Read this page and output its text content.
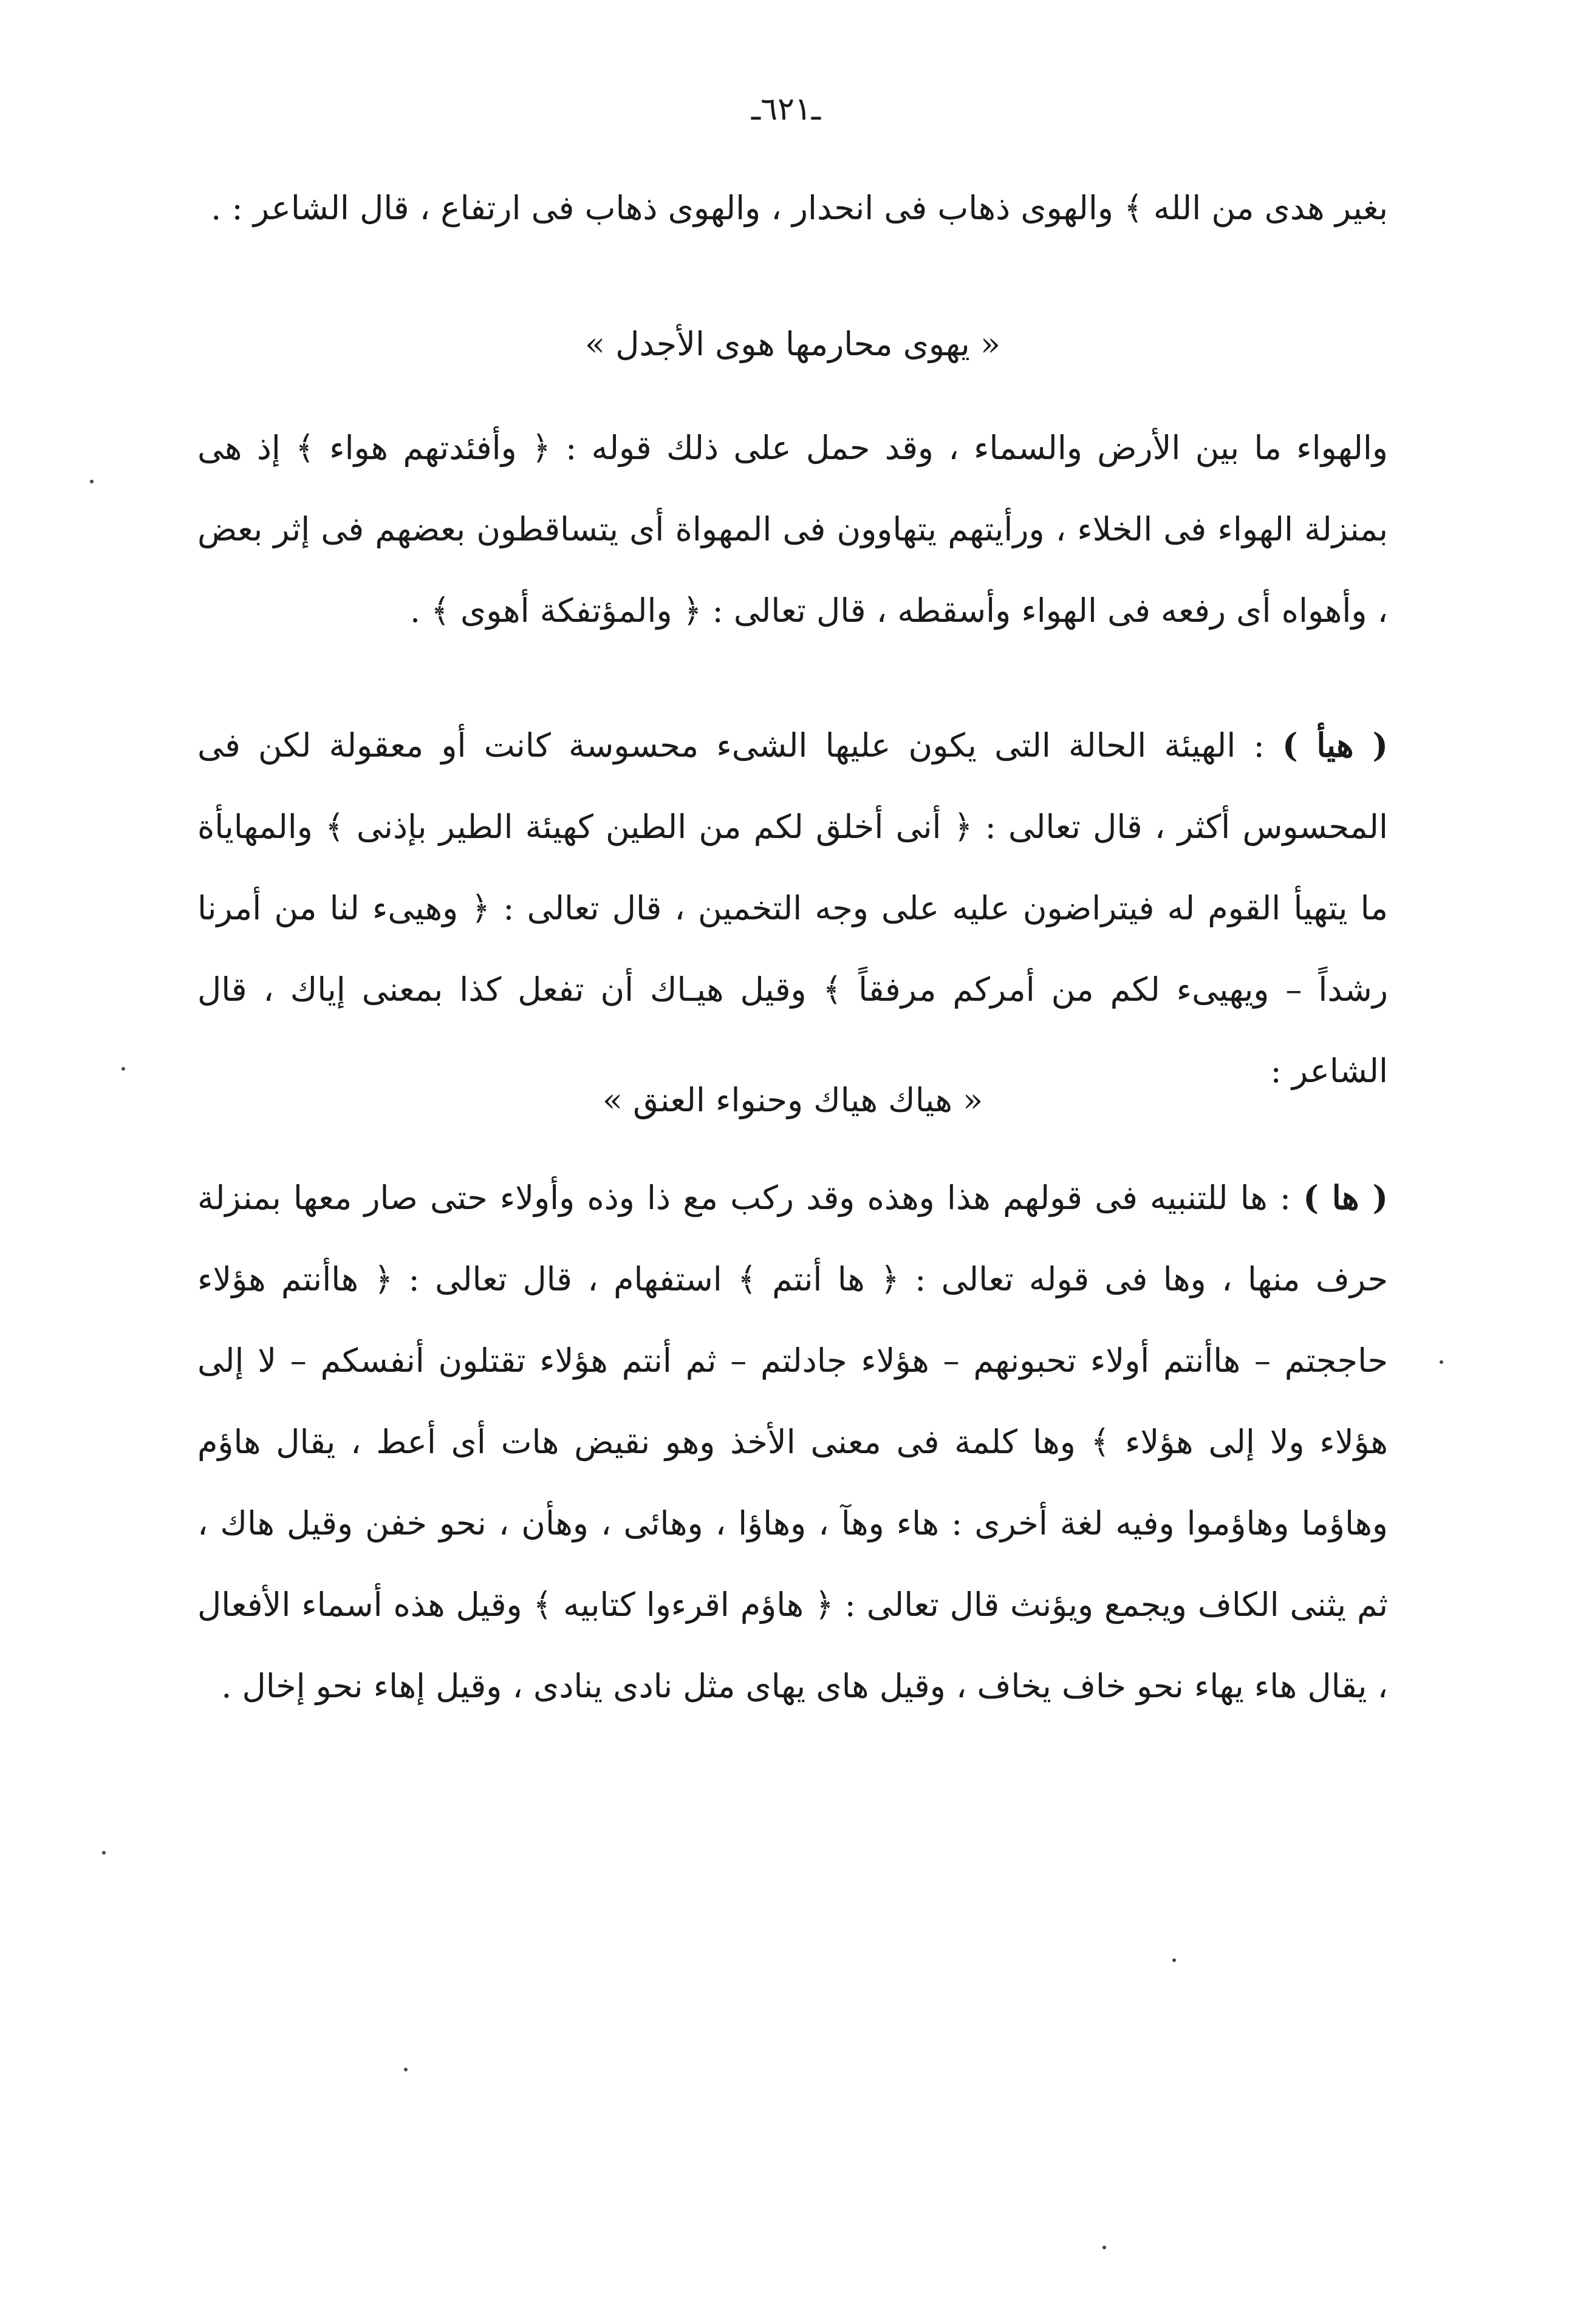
ـ٦٢١ـ

بغير هدى من الله ﴾ والهوى ذهاب فى انحدار ، والهوى ذهاب فى ارتفاع ، قال الشاعر : .

« يهوى محارمها هوى الأجدل »

والهواء ما بين الأرض والسماء ، وقد حمل على ذلك قوله : ﴿ وأفئدتهم هواء ﴾ إذ هى بمنزلة الهواء فى الخلاء ، ورأيتهم يتهاوون فى المهواة أى يتساقطون بعضهم فى إثر بعض ، وأهواه أى رفعه فى الهواء وأسقطه ، قال تعالى : ﴿ والمؤتفكة أهوى ﴾ .

( هيأ ) : الهيئة الحالة التى يكون عليها الشىء محسوسة كانت أو معقولة لكن فى المحسوس أكثر ، قال تعالى : ﴿ أنى أخلق لكم من الطين كهيئة الطير بإذنى ﴾ والمهايأة ما يتهيأ القوم له فيتراضون عليه على وجه التخمين ، قال تعالى : ﴿ وهيىء لنا من أمرنا رشداً – ويهيىء لكم من أمركم مرفقاً ﴾ وقيل هيـاك أن تفعل كذا بمعنى إياك ، قال الشاعر :

« هياك هياك وحنواء العنق »

( ها ) : ها للتنبيه فى قولهم هذا وهذه وقد ركب مع ذا وذه وأولاء حتى صار معها بمنزلة حرف منها ، وها فى قوله تعالى : ﴿ ها أنتم ﴾ استفهام ، قال تعالى : ﴿ هاأنتم هؤلاء حاججتم – هاأنتم أولاء تحبونهم – هؤلاء جادلتم – ثم أنتم هؤلاء تقتلون أنفسكم – لا إلى هؤلاء ولا إلى هؤلاء ﴾ وها كلمة فى معنى الأخذ وهو نقيض هات أى أعط ، يقال هاؤم وهاؤما وهاؤموا وفيه لغة أخرى : هاء وهآ ، وهاؤا ، وهائى ، وهأن ، نحو خفن وقيل هاك ، ثم يثنى الكاف ويجمع ويؤنث قال تعالى : ﴿ هاؤم اقرءوا كتابيه ﴾ وقيل هذه أسماء الأفعال ، يقال هاء يهاء نحو خاف يخاف ، وقيل هاى يهاى مثل نادى ينادى ، وقيل إهاء نحو إخال .
